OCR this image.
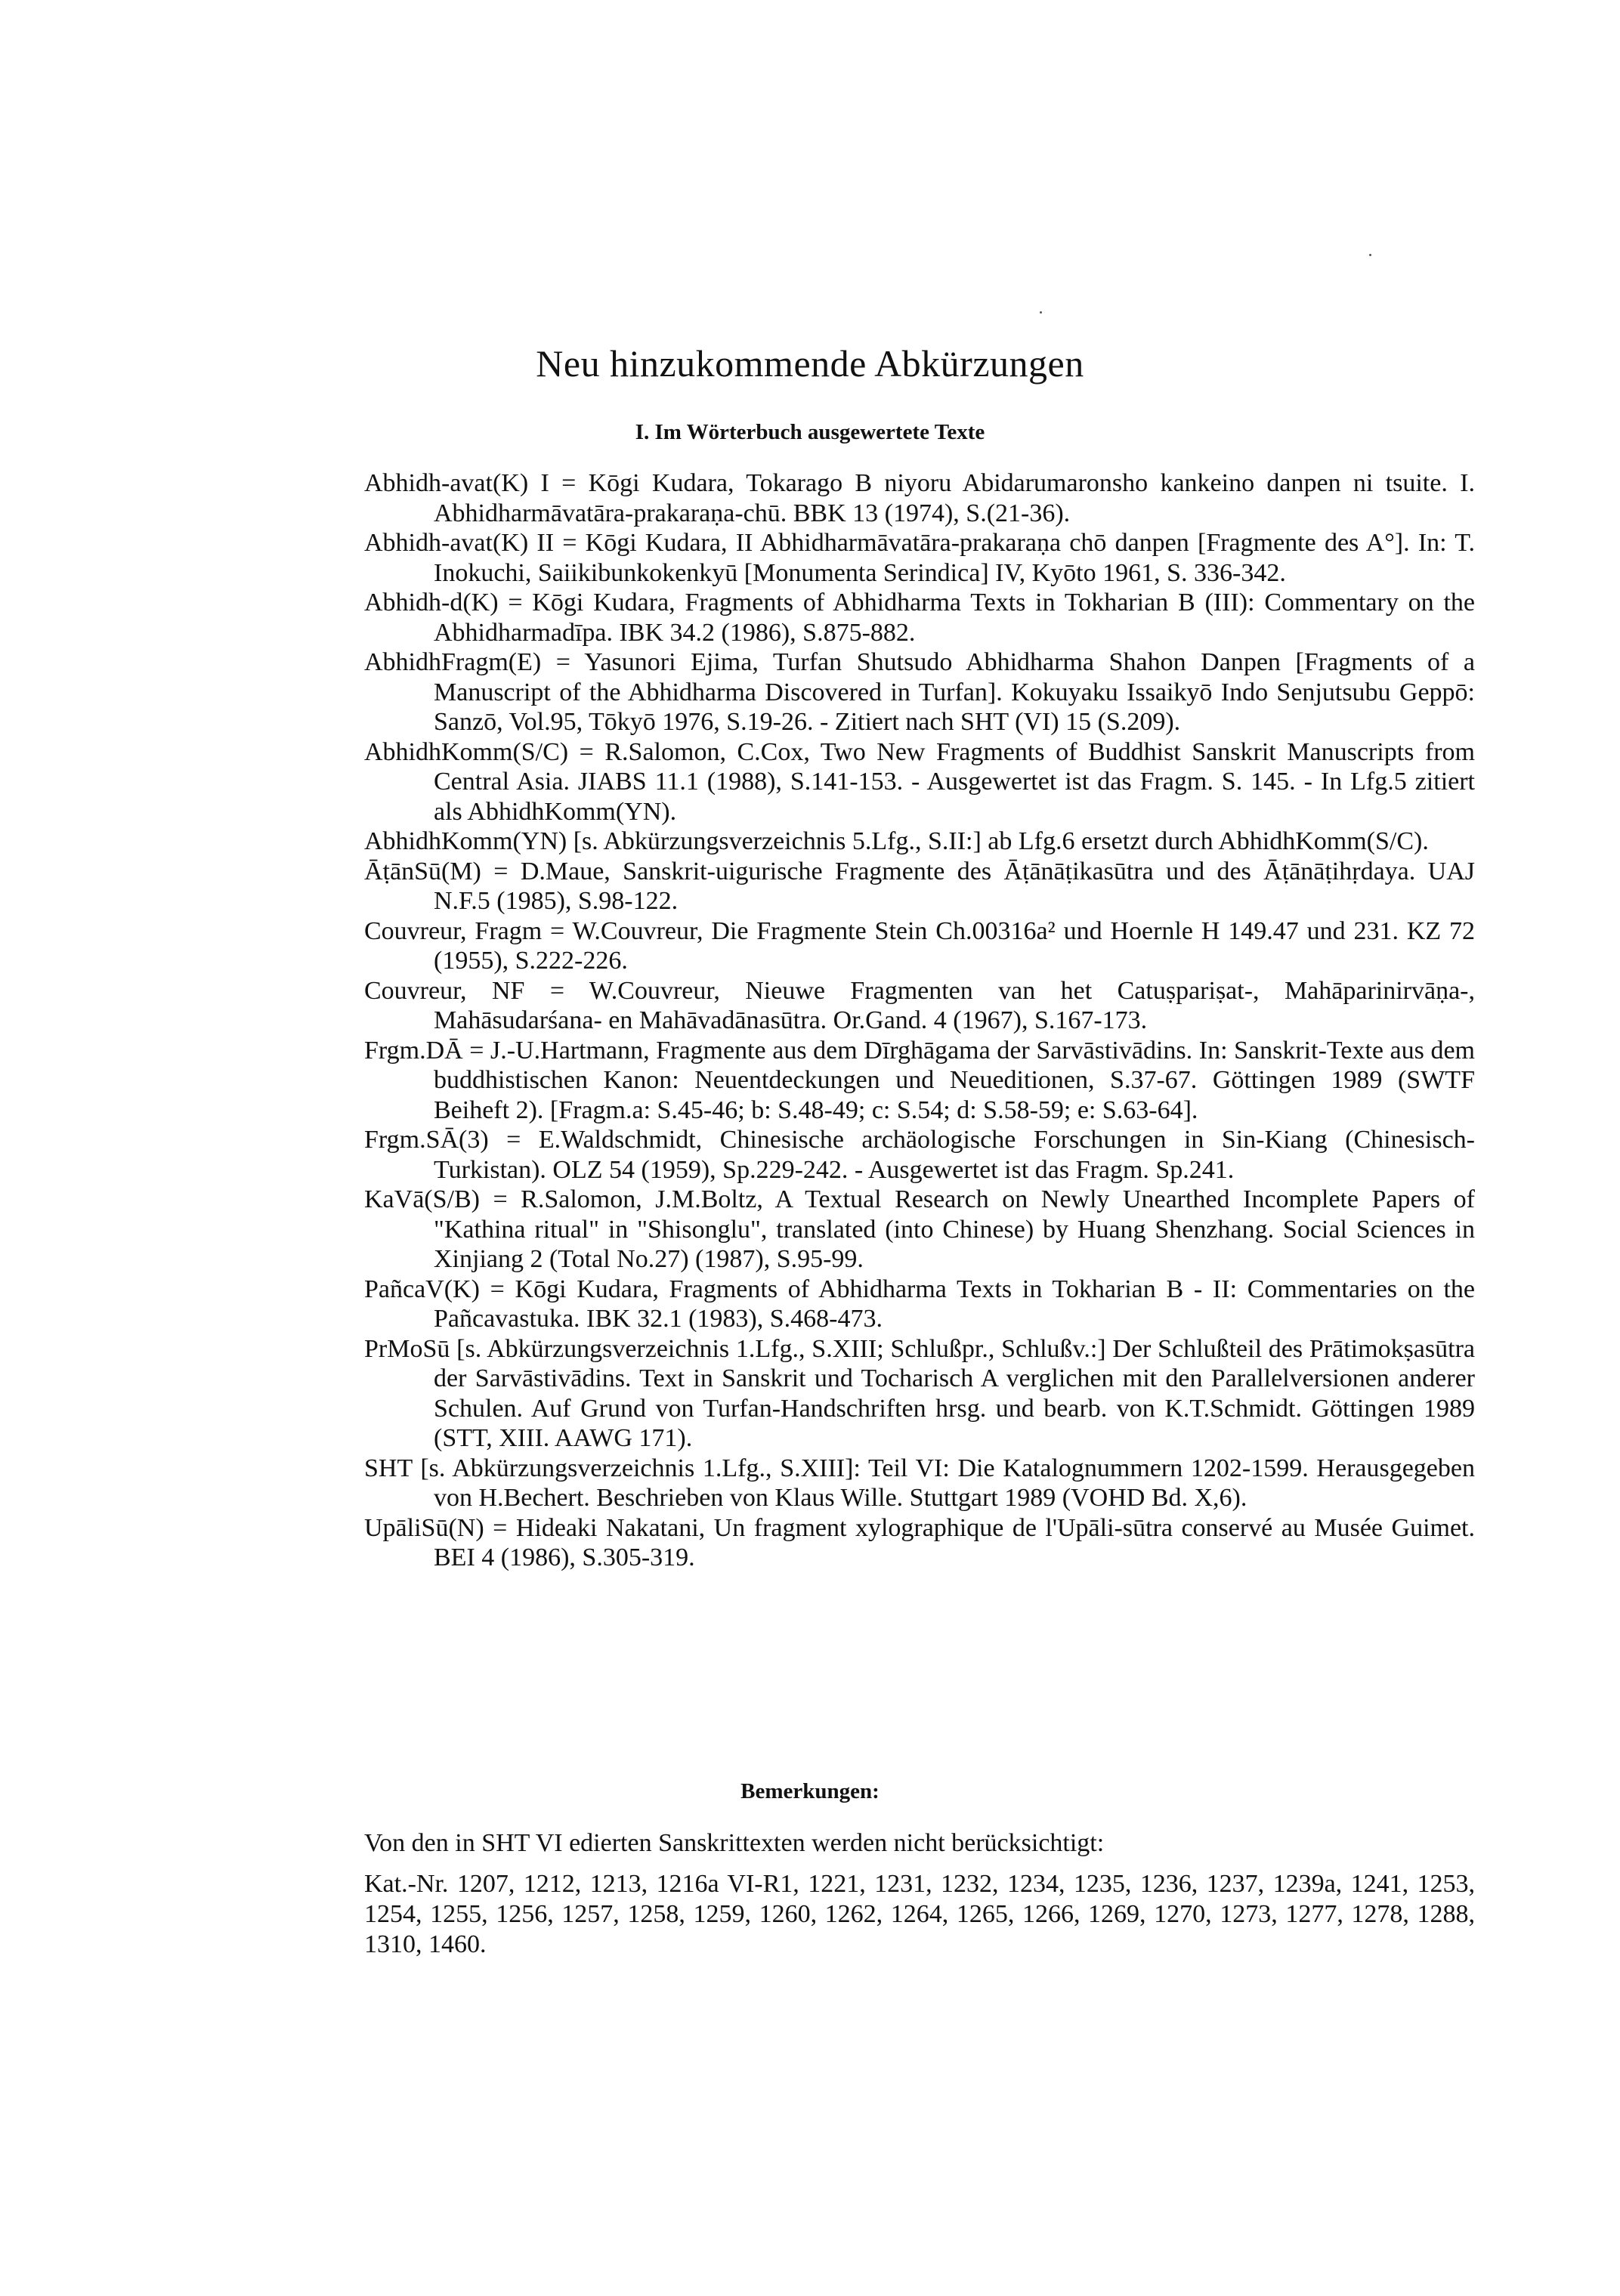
Neu hinzukommende Abkürzungen
I. Im Wörterbuch ausgewertete Texte
Abhidh-avat(K) I = Kōgi Kudara, Tokarago B niyoru Abidarumaronsho kankeino danpen ni tsuite. I. Abhidharmāvatāra-prakaraṇa-chū. BBK 13 (1974), S.(21-36).
Abhidh-avat(K) II = Kōgi Kudara, II Abhidharmāvatāra-prakaraṇa chō danpen [Fragmente des A°]. In: T. Inokuchi, Saiikibunkokenkyū [Monumenta Serindica] IV, Kyōto 1961, S. 336-342.
Abhidh-d(K) = Kōgi Kudara, Fragments of Abhidharma Texts in Tokharian B (III): Commentary on the Abhidharmadīpa. IBK 34.2 (1986), S.875-882.
AbhidhFragm(E) = Yasunori Ejima, Turfan Shutsudo Abhidharma Shahon Danpen [Fragments of a Manuscript of the Abhidharma Discovered in Turfan]. Kokuyaku Issaikyō Indo Senjutsubu Geppō: Sanzō, Vol.95, Tōkyō 1976, S.19-26. - Zitiert nach SHT (VI) 15 (S.209).
AbhidhKomm(S/C) = R.Salomon, C.Cox, Two New Fragments of Buddhist Sanskrit Manuscripts from Central Asia. JIABS 11.1 (1988), S.141-153. - Ausgewertet ist das Fragm. S. 145. - In Lfg.5 zitiert als AbhidhKomm(YN).
AbhidhKomm(YN) [s. Abkürzungsverzeichnis 5.Lfg., S.II:] ab Lfg.6 ersetzt durch AbhidhKomm(S/C).
ĀṭānSū(M) = D.Maue, Sanskrit-uigurische Fragmente des Āṭānāṭikasūtra und des Āṭānāṭihṛdaya. UAJ N.F.5 (1985), S.98-122.
Couvreur, Fragm = W.Couvreur, Die Fragmente Stein Ch.00316a² und Hoernle H 149.47 und 231. KZ 72 (1955), S.222-226.
Couvreur, NF = W.Couvreur, Nieuwe Fragmenten van het Catuṣpariṣat-, Mahāparinirvāṇa-, Mahāsudarśana- en Mahāvadānasūtra. Or.Gand. 4 (1967), S.167-173.
Frgm.DĀ = J.-U.Hartmann, Fragmente aus dem Dīrghāgama der Sarvāstivādins. In: Sanskrit-Texte aus dem buddhistischen Kanon: Neuentdeckungen und Neueditionen, S.37-67. Göttingen 1989 (SWTF Beiheft 2). [Fragm.a: S.45-46; b: S.48-49; c: S.54; d: S.58-59; e: S.63-64].
Frgm.SĀ(3) = E.Waldschmidt, Chinesische archäologische Forschungen in Sin-Kiang (Chinesisch-Turkistan). OLZ 54 (1959), Sp.229-242. - Ausgewertet ist das Fragm. Sp.241.
KaVā(S/B) = R.Salomon, J.M.Boltz, A Textual Research on Newly Unearthed Incomplete Papers of "Kathina ritual" in "Shisonglu", translated (into Chinese) by Huang Shenzhang. Social Sciences in Xinjiang 2 (Total No.27) (1987), S.95-99.
PañcaV(K) = Kōgi Kudara, Fragments of Abhidharma Texts in Tokharian B - II: Commentaries on the Pañcavastuka. IBK 32.1 (1983), S.468-473.
PrMoSū [s. Abkürzungsverzeichnis 1.Lfg., S.XIII; Schlußpr., Schlußv.:] Der Schlußteil des Prātimokṣasūtra der Sarvāstivādins. Text in Sanskrit und Tocharisch A verglichen mit den Parallelversionen anderer Schulen. Auf Grund von Turfan-Handschriften hrsg. und bearb. von K.T.Schmidt. Göttingen 1989 (STT, XIII. AAWG 171).
SHT [s. Abkürzungsverzeichnis 1.Lfg., S.XIII]: Teil VI: Die Katalognummern 1202-1599. Herausgegeben von H.Bechert. Beschrieben von Klaus Wille. Stuttgart 1989 (VOHD Bd. X,6).
UpāliSū(N) = Hideaki Nakatani, Un fragment xylographique de l'Upāli-sūtra conservé au Musée Guimet. BEI 4 (1986), S.305-319.
Bemerkungen:

Von den in SHT VI edierten Sanskrittexten werden nicht berücksichtigt:

Kat.-Nr. 1207, 1212, 1213, 1216a VI-R1, 1221, 1231, 1232, 1234, 1235, 1236, 1237, 1239a, 1241, 1253, 1254, 1255, 1256, 1257, 1258, 1259, 1260, 1262, 1264, 1265, 1266, 1269, 1270, 1273, 1277, 1278, 1288, 1310, 1460.
